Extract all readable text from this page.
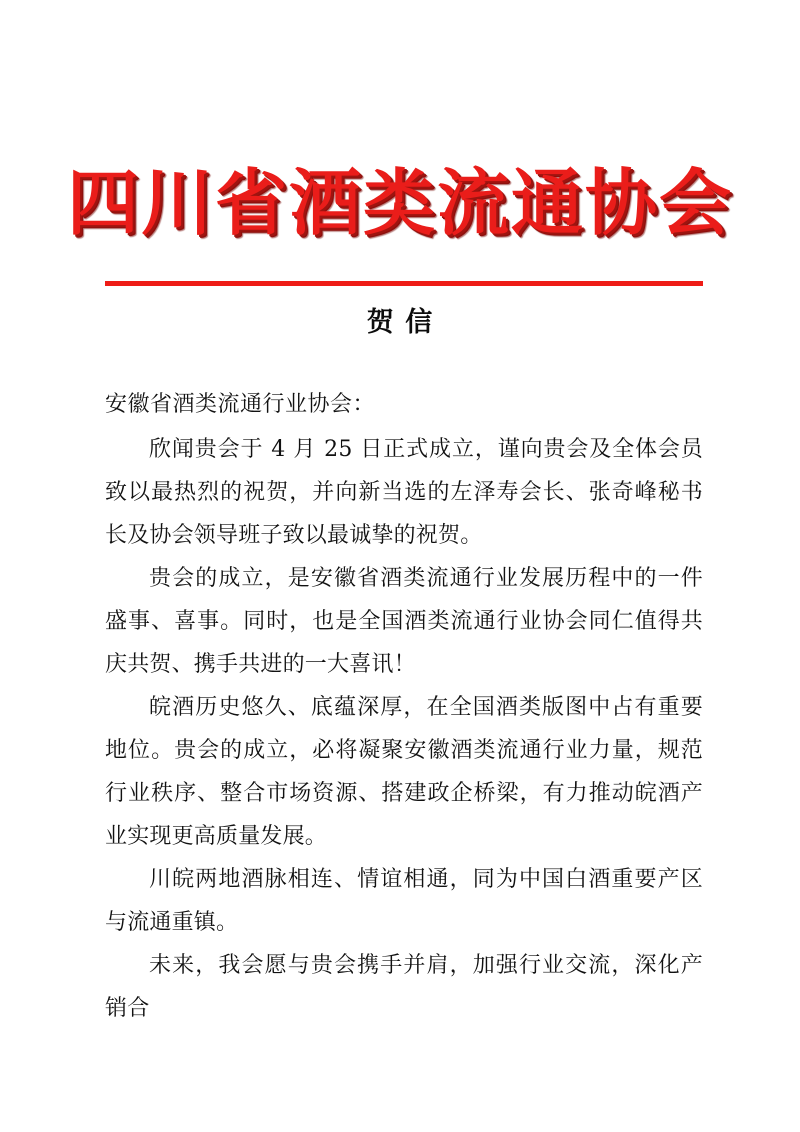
四川省酒类流通协会
贺 信

安徽省酒类流通行业协会：

欣闻贵会于 4 月 25 日正式成立，谨向贵会及全体会员致以最热烈的祝贺，并向新当选的左泽寿会长、张奇峰秘书长及协会领导班子致以最诚挚的祝贺。

贵会的成立，是安徽省酒类流通行业发展历程中的一件盛事、喜事。同时，也是全国酒类流通行业协会同仁值得共庆共贺、携手共进的一大喜讯！

皖酒历史悠久、底蕴深厚，在全国酒类版图中占有重要地位。贵会的成立，必将凝聚安徽酒类流通行业力量，规范行业秩序、整合市场资源、搭建政企桥梁，有力推动皖酒产业实现更高质量发展。

川皖两地酒脉相连、情谊相通，同为中国白酒重要产区与流通重镇。

未来，我会愿与贵会携手并肩，加强行业交流，深化产销合
